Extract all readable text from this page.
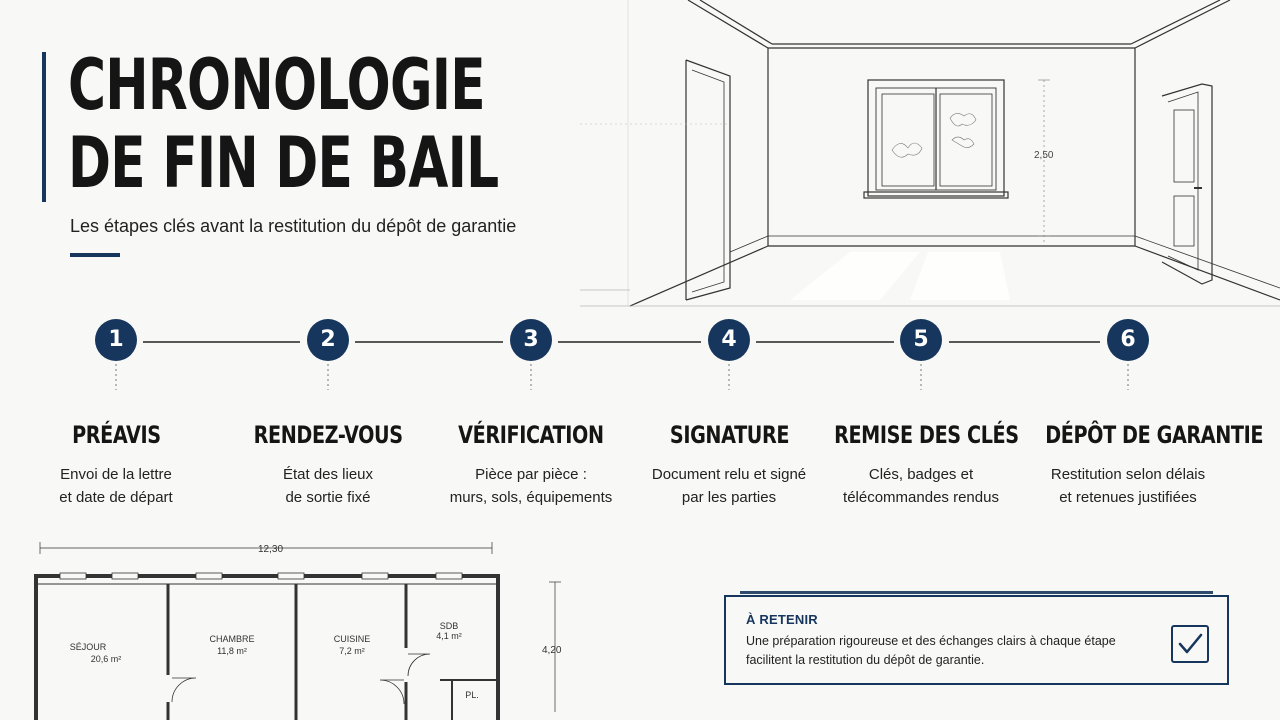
CHRONOLOGIE
DE FIN DE BAIL
Les étapes clés avant la restitution du dépôt de garantie
2,50
1
PRÉAVIS
Envoi de la lettre
et date de départ
2
RENDEZ-VOUS
État des lieux
de sortie fixé
3
VÉRIFICATION
Pièce par pièce :
murs, sols, équipements
4
SIGNATURE
Document relu et signé
par les parties
5
REMISE DES CLÉS
Clés, badges et
télécommandes rendus
6
DÉPÔT DE GARANTIE
Restitution selon délais
et retenues justifiées
12,30
4,20
SÉJOUR
20,6 m²
CHAMBRE
11,8 m²
CUISINE
7,2 m²
SDB
4,1 m²
PL.
À RETENIR
Une préparation rigoureuse et des échanges clairs à chaque étape
facilitent la restitution du dépôt de garantie.
